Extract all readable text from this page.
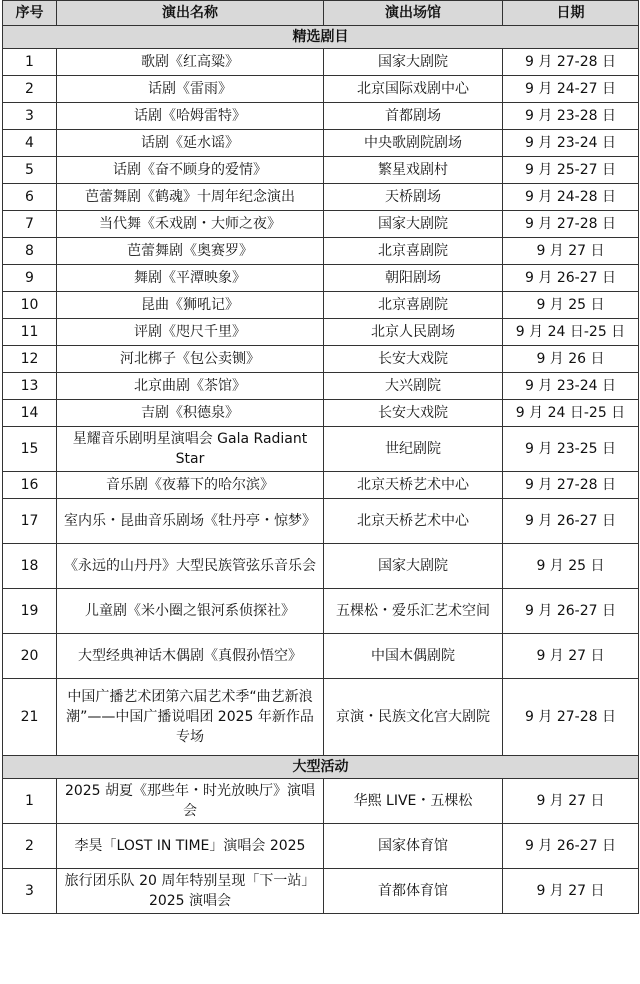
序号	演出名称	演出场馆	日期
精选剧目			
1	歌剧《红高粱》	国家大剧院	9 月 27-28 日
2	话剧《雷雨》	北京国际戏剧中心	9 月 24-27 日
3	话剧《哈姆雷特》	首都剧场	9 月 23-28 日
4	话剧《延水谣》	中央歌剧院剧场	9 月 23-24 日
5	话剧《奋不顾身的爱情》	繁星戏剧村	9 月 25-27 日
6	芭蕾舞剧《鹤魂》十周年纪念演出	天桥剧场	9 月 24-28 日
7	当代舞《禾戏剧・大师之夜》	国家大剧院	9 月 27-28 日
8	芭蕾舞剧《奥赛罗》	北京喜剧院	9 月 27 日
9	舞剧《平潭映象》	朝阳剧场	9 月 26-27 日
10	昆曲《狮吼记》	北京喜剧院	9 月 25 日
11	评剧《咫尺千里》	北京人民剧场	9 月 24 日-25 日
12	河北梆子《包公卖铡》	长安大戏院	9 月 26 日
13	北京曲剧《茶馆》	大兴剧院	9 月 23-24 日
14	吉剧《积德泉》	长安大戏院	9 月 24 日-25 日
15	星耀音乐剧明星演唱会 Gala Radiant Star	世纪剧院	9 月 23-25 日
16	音乐剧《夜幕下的哈尔滨》	北京天桥艺术中心	9 月 27-28 日
17	室内乐・昆曲音乐剧场《牡丹亭・惊梦》	北京天桥艺术中心	9 月 26-27 日
18	《永远的山丹丹》大型民族管弦乐音乐会	国家大剧院	9 月 25 日
19	儿童剧《米小圈之银河系侦探社》	五棵松・爱乐汇艺术空间	9 月 26-27 日
20	大型经典神话木偶剧《真假孙悟空》	中国木偶剧院	9 月 27 日
21	中国广播艺术团第六届艺术季“曲艺新浪潮”——中国广播说唱团 2025 年新作品专场	京演・民族文化宫大剧院	9 月 27-28 日
大型活动			
1	2025 胡夏《那些年・时光放映厅》演唱会	华熙 LIVE・五棵松	9 月 27 日
2	李昊「LOST IN TIME」演唱会 2025	国家体育馆	9 月 26-27 日
3	旅行团乐队 20 周年特别呈现「下一站」2025 演唱会	首都体育馆	9 月 27 日
